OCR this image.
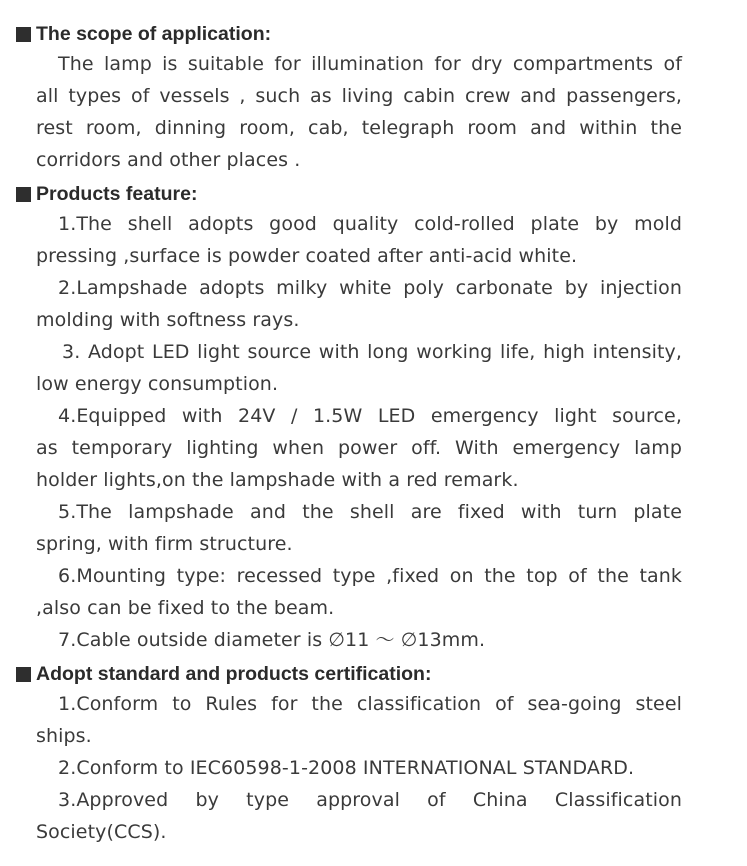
The scope of application:
The lamp is suitable for illumination for dry compartments of
all types of vessels , such as living cabin crew and passengers,
rest room, dinning room, cab, telegraph room and within the
corridors and other places .
Products feature:
1.The shell adopts good quality cold-rolled plate by mold
pressing ,surface is powder coated after anti-acid white.
2.Lampshade adopts milky white poly carbonate by injection
molding with softness rays.
3. Adopt LED light source with long working life, high intensity,
low energy consumption.
4.Equipped with 24V / 1.5W LED emergency light source,
as temporary lighting when power off. With emergency lamp
holder lights,on the lampshade with a red remark.
5.The lampshade and the shell are fixed with turn plate
spring, with firm structure.
6.Mounting type: recessed type ,fixed on the top of the tank
,also can be fixed to the beam.
7.Cable outside diameter is ∅11 ～ ∅13mm.
Adopt standard and products certification:
1.Conform to Rules for the classification of sea-going steel
ships.
2.Conform to IEC60598-1-2008 INTERNATIONAL STANDARD.
3.Approved by type approval of China Classification
Society(CCS).
